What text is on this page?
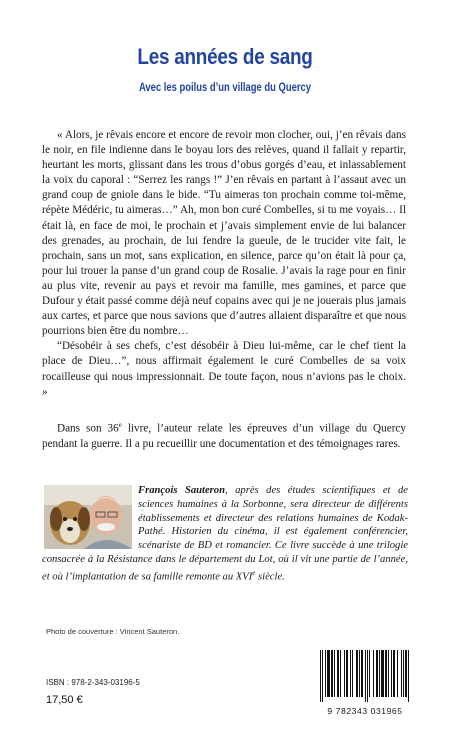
Les années de sang
Avec les poilus d’un village du Quercy

« Alors, je rêvais encore et encore de revoir mon clocher, oui, j’en rêvais dans le noir, en file indienne dans le boyau lors des relèves, quand il fallait y repartir, heurtant les morts, glissant dans les trous d’obus gorgés d’eau, et inlassablement la voix du caporal : “Serrez les rangs !” J’en rêvais en partant à l’assaut avec un grand coup de gniole dans le bide. “Tu aimeras ton prochain comme toi-même, répète Médéric, tu aimeras…” Ah, mon bon curé Combelles, si tu me voyais… Il était là, en face de moi, le prochain et j’avais simplement envie de lui balancer des grenades, au prochain, de lui fendre la gueule, de le trucider vite fait, le prochain, sans un mot, sans explication, en silence, parce qu’on était là pour ça, pour lui trouer la panse d’un grand coup de Rosalie. J’avais la rage pour en finir au plus vite, revenir au pays et revoir ma famille, mes gamines, et parce que Dufour y était passé comme déjà neuf copains avec qui je ne jouerais plus jamais aux cartes, et parce que nous savions que d’autres allaient disparaître et que nous pourrions bien être du nombre…

“Désobéir à ses chefs, c’est désobéir à Dieu lui-même, car le chef tient la place de Dieu…”, nous affirmait également le curé Combelles de sa voix rocailleuse qui nous impressionnait. De toute façon, nous n’avions pas le choix. »

Dans son 36e livre, l’auteur relate les épreuves d’un village du Quercy pendant la guerre. Il a pu recueillir une documentation et des témoignages rares.

François Sauteron, après des études scientifiques et de sciences humaines à la Sorbonne, sera directeur de différents établissements et directeur des relations humaines de Kodak-Pathé. Historien du cinéma, il est également conférencier, scénariste de BD et romancier. Ce livre succède à une trilogie consacrée à la Résistance dans le département du Lot, où il vit une partie de l’année, et où l’implantation de sa famille remonte au XVIe siècle.
Photo de couverture : Vincent Sauteron.
ISBN : 978-2-343-03196-5
17,50 €
9 782343 031965
